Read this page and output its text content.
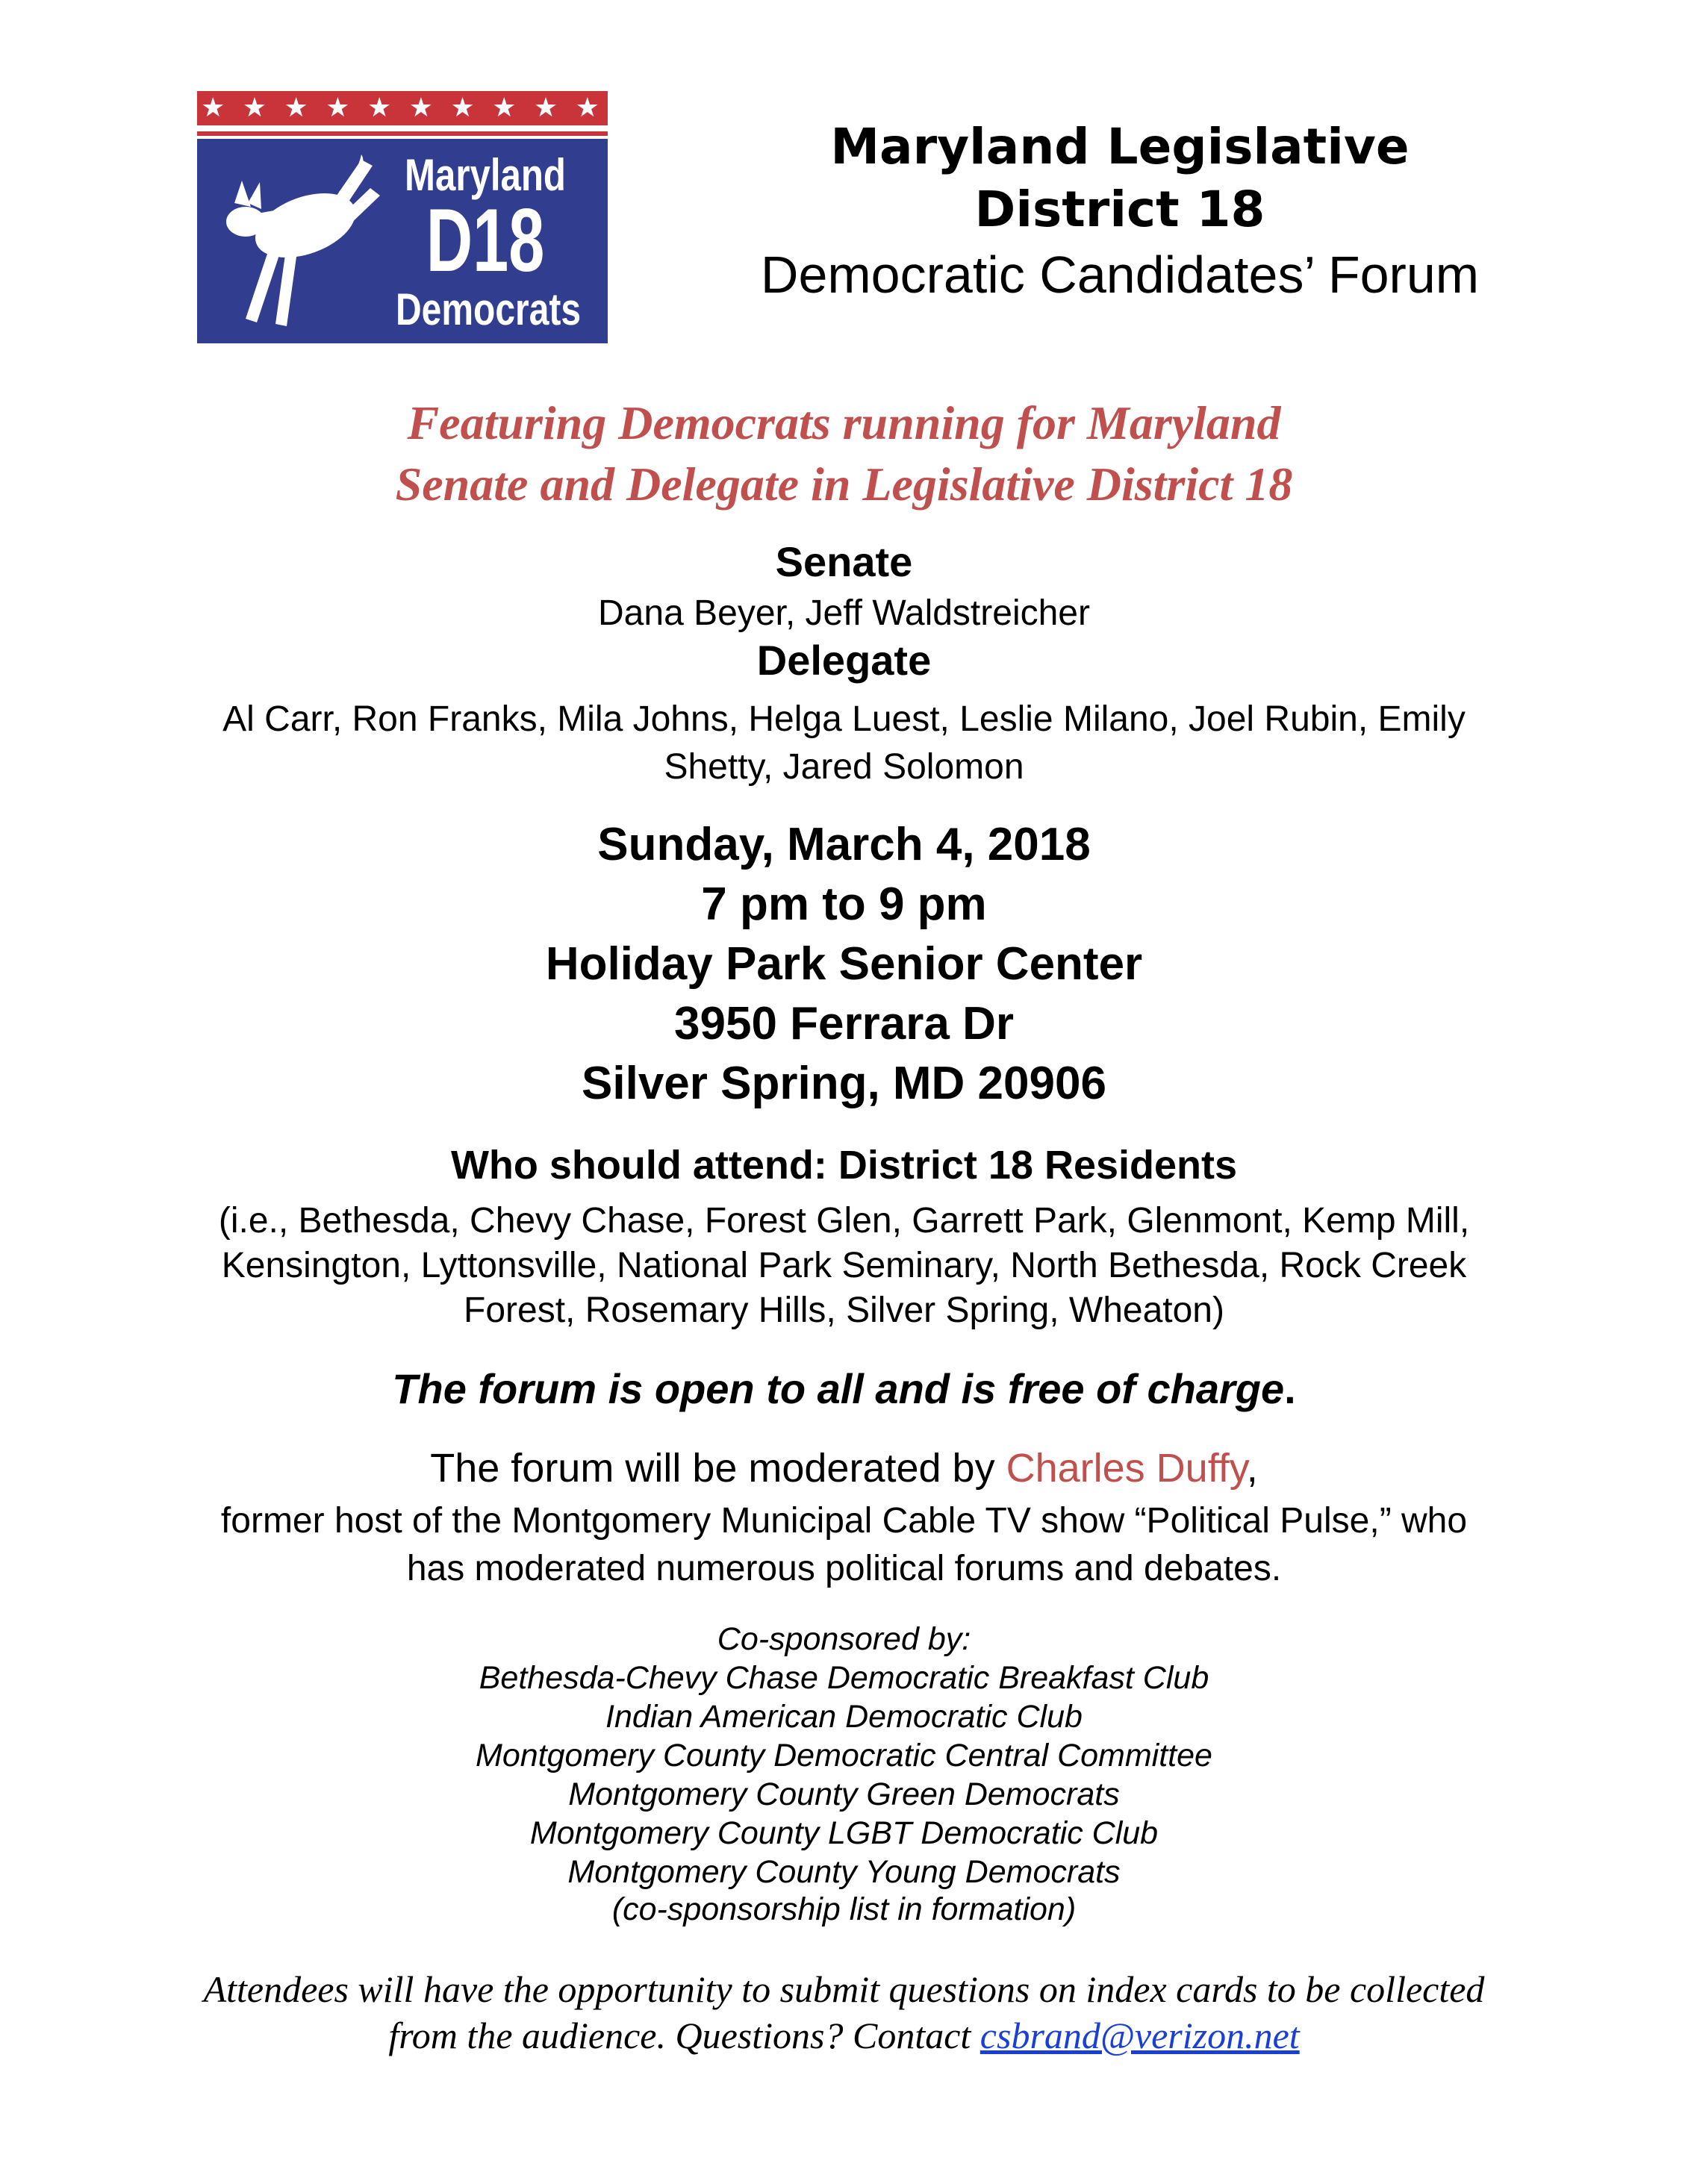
★ ★ ★ ★ ★ ★ ★ ★ ★ ★
Maryland
D18
Democrats
Maryland Legislative
District 18
Democratic Candidates’ Forum
Featuring Democrats running for Maryland
Senate and Delegate in Legislative District 18
Senate
Dana Beyer, Jeff Waldstreicher
Delegate
Al Carr, Ron Franks, Mila Johns, Helga Luest, Leslie Milano, Joel Rubin, Emily
Shetty, Jared Solomon
Sunday, March 4, 2018
7 pm to 9 pm
Holiday Park Senior Center
3950 Ferrara Dr
Silver Spring, MD 20906
Who should attend: District 18 Residents
(i.e., Bethesda, Chevy Chase, Forest Glen, Garrett Park, Glenmont, Kemp Mill,
Kensington, Lyttonsville, National Park Seminary, North Bethesda, Rock Creek
Forest, Rosemary Hills, Silver Spring, Wheaton)
The forum is open to all and is free of charge.
The forum will be moderated by Charles Duffy,
former host of the Montgomery Municipal Cable TV show “Political Pulse,” who
has moderated numerous political forums and debates.
Co-sponsored by:
Bethesda-Chevy Chase Democratic Breakfast Club
Indian American Democratic Club
Montgomery County Democratic Central Committee
Montgomery County Green Democrats
Montgomery County LGBT Democratic Club
Montgomery County Young Democrats
(co-sponsorship list in formation)
Attendees will have the opportunity to submit questions on index cards to be collected
from the audience. Questions? Contact csbrand@verizon.net
